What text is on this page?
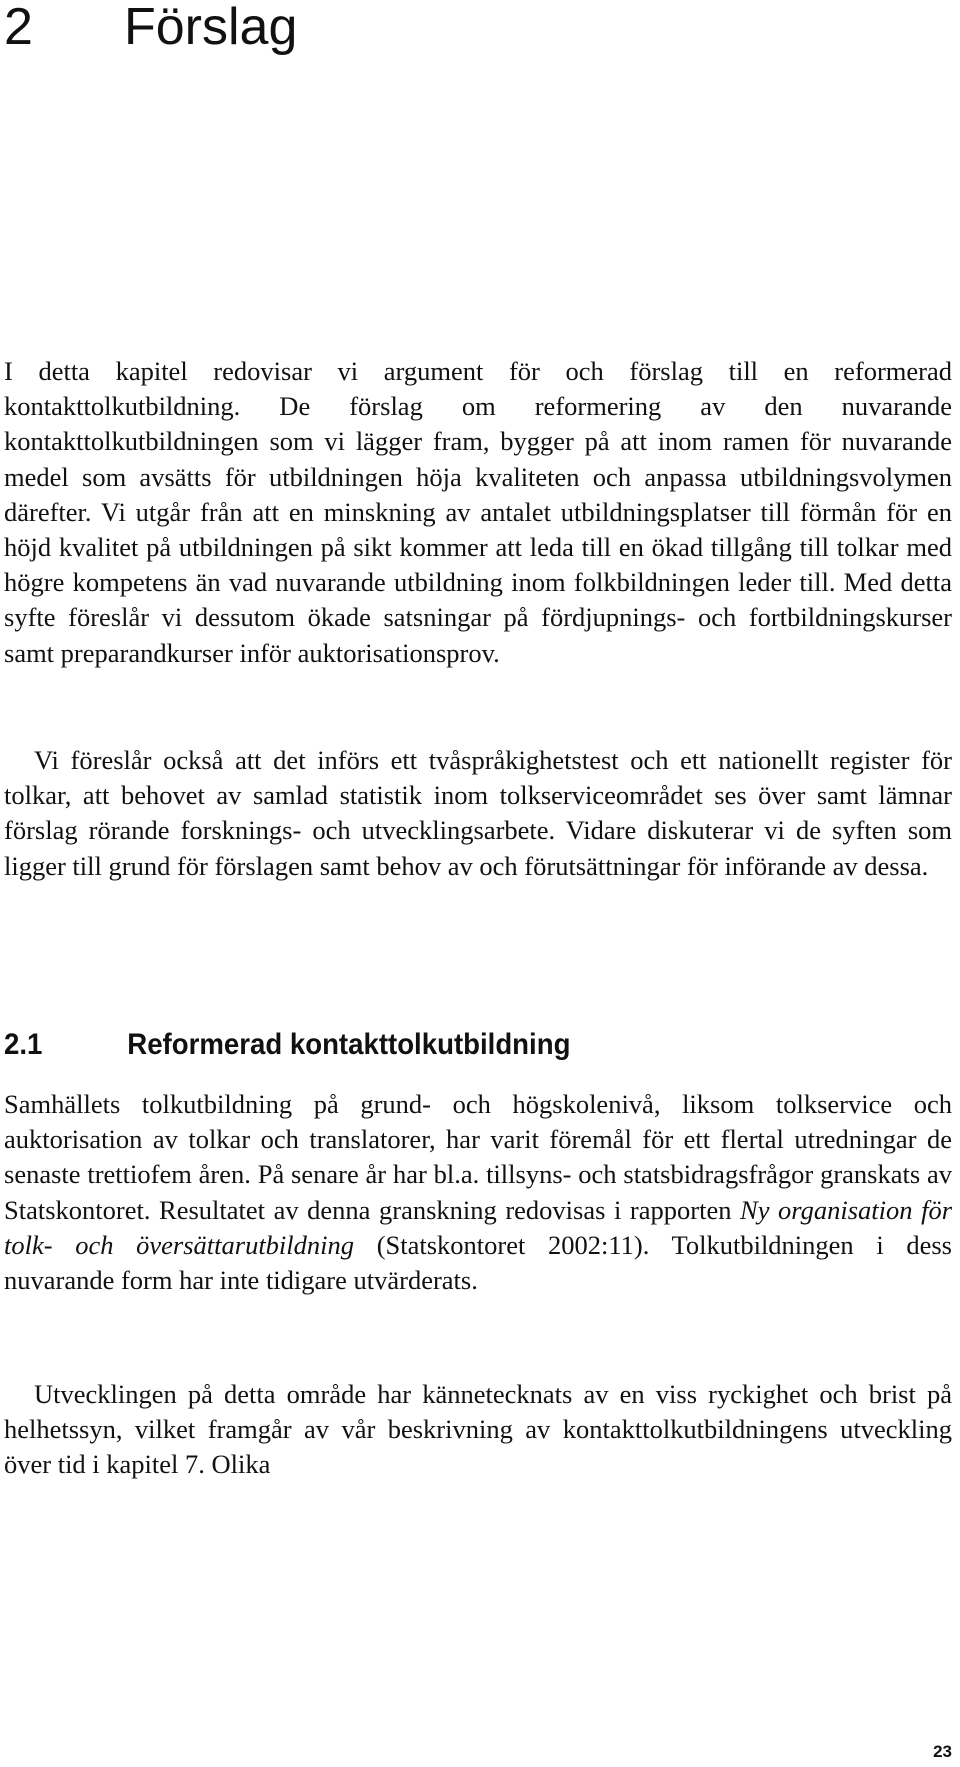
2 Förslag

I detta kapitel redovisar vi argument för och förslag till en reformerad kontakttolkutbildning. De förslag om reformering av den nuvarande kontakttolkutbildningen som vi lägger fram, bygger på att inom ramen för nuvarande medel som avsätts för utbildningen höja kvaliteten och anpassa utbildningsvolymen därefter. Vi utgår från att en minskning av antalet utbildningsplatser till förmån för en höjd kvalitet på utbildningen på sikt kommer att leda till en ökad tillgång till tolkar med högre kompetens än vad nuvarande utbildning inom folkbildningen leder till. Med detta syfte föreslår vi dessutom ökade satsningar på fördjupnings- och fortbildningskurser samt preparandkurser inför auktorisationsprov.

Vi föreslår också att det införs ett tvåspråkighetstest och ett nationellt register för tolkar, att behovet av samlad statistik inom tolkserviceområdet ses över samt lämnar förslag rörande forsknings- och utvecklingsarbete. Vidare diskuterar vi de syften som ligger till grund för förslagen samt behov av och förutsättningar för införande av dessa.

2.1	Reformerad kontakttolkutbildning

Samhällets tolkutbildning på grund- och högskolenivå, liksom tolkservice och auktorisation av tolkar och translatorer, har varit föremål för ett flertal utredningar de senaste trettiofem åren. På senare år har bl.a. tillsyns- och statsbidragsfrågor granskats av Statskontoret. Resultatet av denna granskning redovisas i rapporten Ny organisation för tolk- och översättarutbildning (Statskontoret 2002:11). Tolkutbildningen i dess nuvarande form har inte tidigare utvärderats.

Utvecklingen på detta område har kännetecknats av en viss ryckighet och brist på helhetssyn, vilket framgår av vår beskrivning av kontakttolkutbildningens utveckling över tid i kapitel 7. Olika

23
